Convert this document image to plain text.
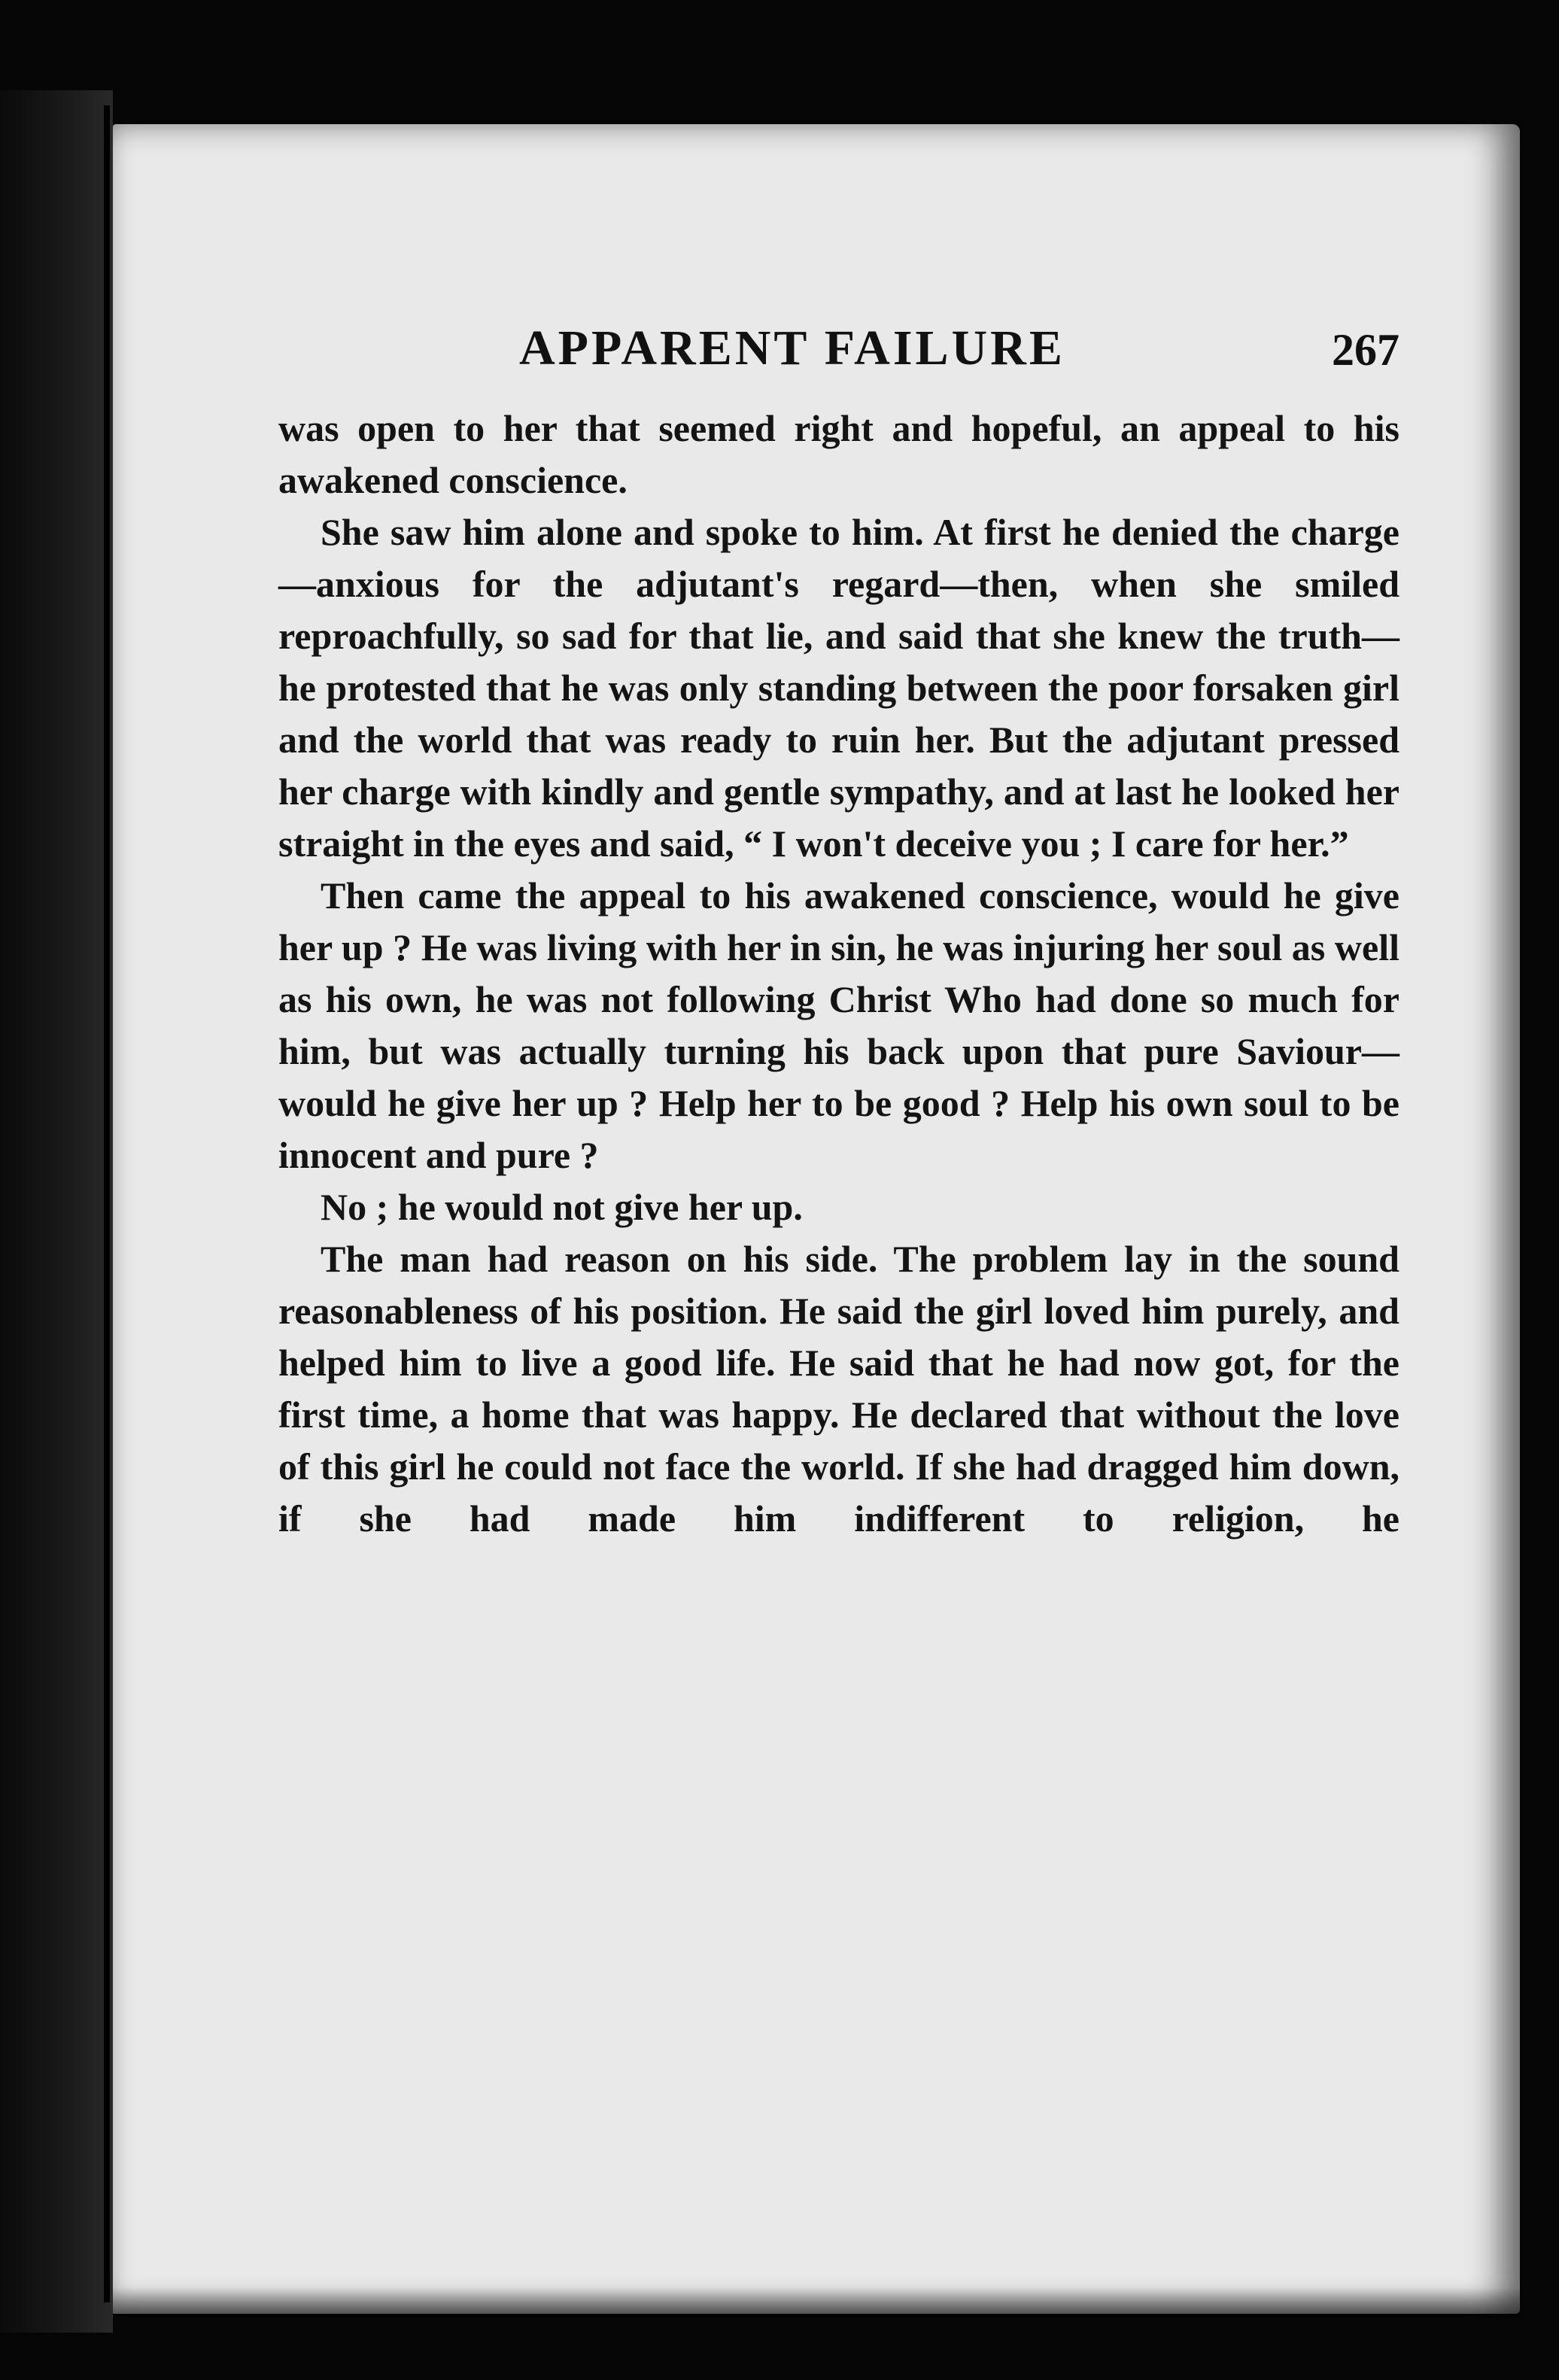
APPARENT FAILURE	267

was open to her that seemed right and hopeful, an appeal to his awakened conscience.

She saw him alone and spoke to him. At first he denied the charge—anxious for the adjutant's regard—then, when she smiled reproachfully, so sad for that lie, and said that she knew the truth—he protested that he was only standing between the poor forsaken girl and the world that was ready to ruin her. But the adjutant pressed her charge with kindly and gentle sympathy, and at last he looked her straight in the eyes and said, “ I won't deceive you ; I care for her.”

Then came the appeal to his awakened conscience, would he give her up ? He was living with her in sin, he was injuring her soul as well as his own, he was not following Christ Who had done so much for him, but was actually turning his back upon that pure Saviour—would he give her up ? Help her to be good ? Help his own soul to be innocent and pure ?

No ; he would not give her up.

The man had reason on his side. The problem lay in the sound reasonableness of his position. He said the girl loved him purely, and helped him to live a good life. He said that he had now got, for the first time, a home that was happy. He declared that without the love of this girl he could not face the world. If she had dragged him down, if she had made him indifferent to religion, he
